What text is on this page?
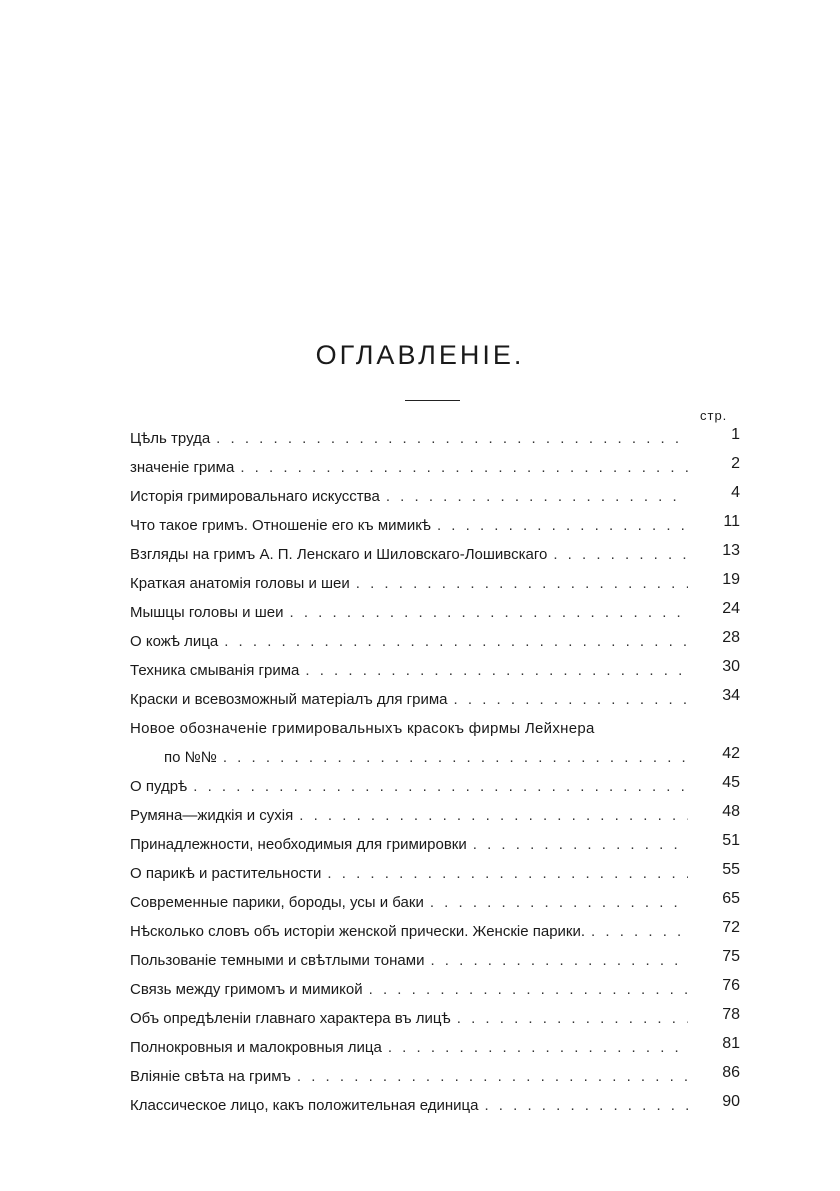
ОГЛАВЛЕНІЕ.
стр.
Цѣль труда . . .	1
значеніе грима . . .	2
Исторія гримировальнаго искусства . . .	4
Что такое гримъ. Отношеніе его къ мимикѣ . . .	11
Взгляды на гримъ А. П. Ленскаго и Шиловскаго-Лошивскаго . . .	13
Краткая анатомія головы и шеи . . .	19
Мышцы головы и шеи . . .	24
О кожѣ лица . . .	28
Техника смыванія грима . . .	30
Краски и всевозможный матеріалъ для грима . . .	34
Новое обозначеніе гримировальныхъ красокъ фирмы Лейхнера
по №№ . . .	42
О пудрѣ . . .	45
Румяна—жидкія и сухія . . .	48
Принадлежности, необходимыя для гримировки . . .	51
О парикѣ и растительности . . .	55
Современные парики, бороды, усы и баки . . .	65
Нѣсколько словъ объ исторіи женской прически. Женскіе парики. . . .	72
Пользованіе темными и свѣтлыми тонами . . .	75
Связь между гримомъ и мимикой . . .	76
Объ опредѣленіи главнаго характера въ лицѣ . . .	78
Полнокровныя и малокровныя лица . . .	81
Вліяніе свѣта на гримъ . . .	86
Классическое лицо, какъ положительная единица . . .	90
